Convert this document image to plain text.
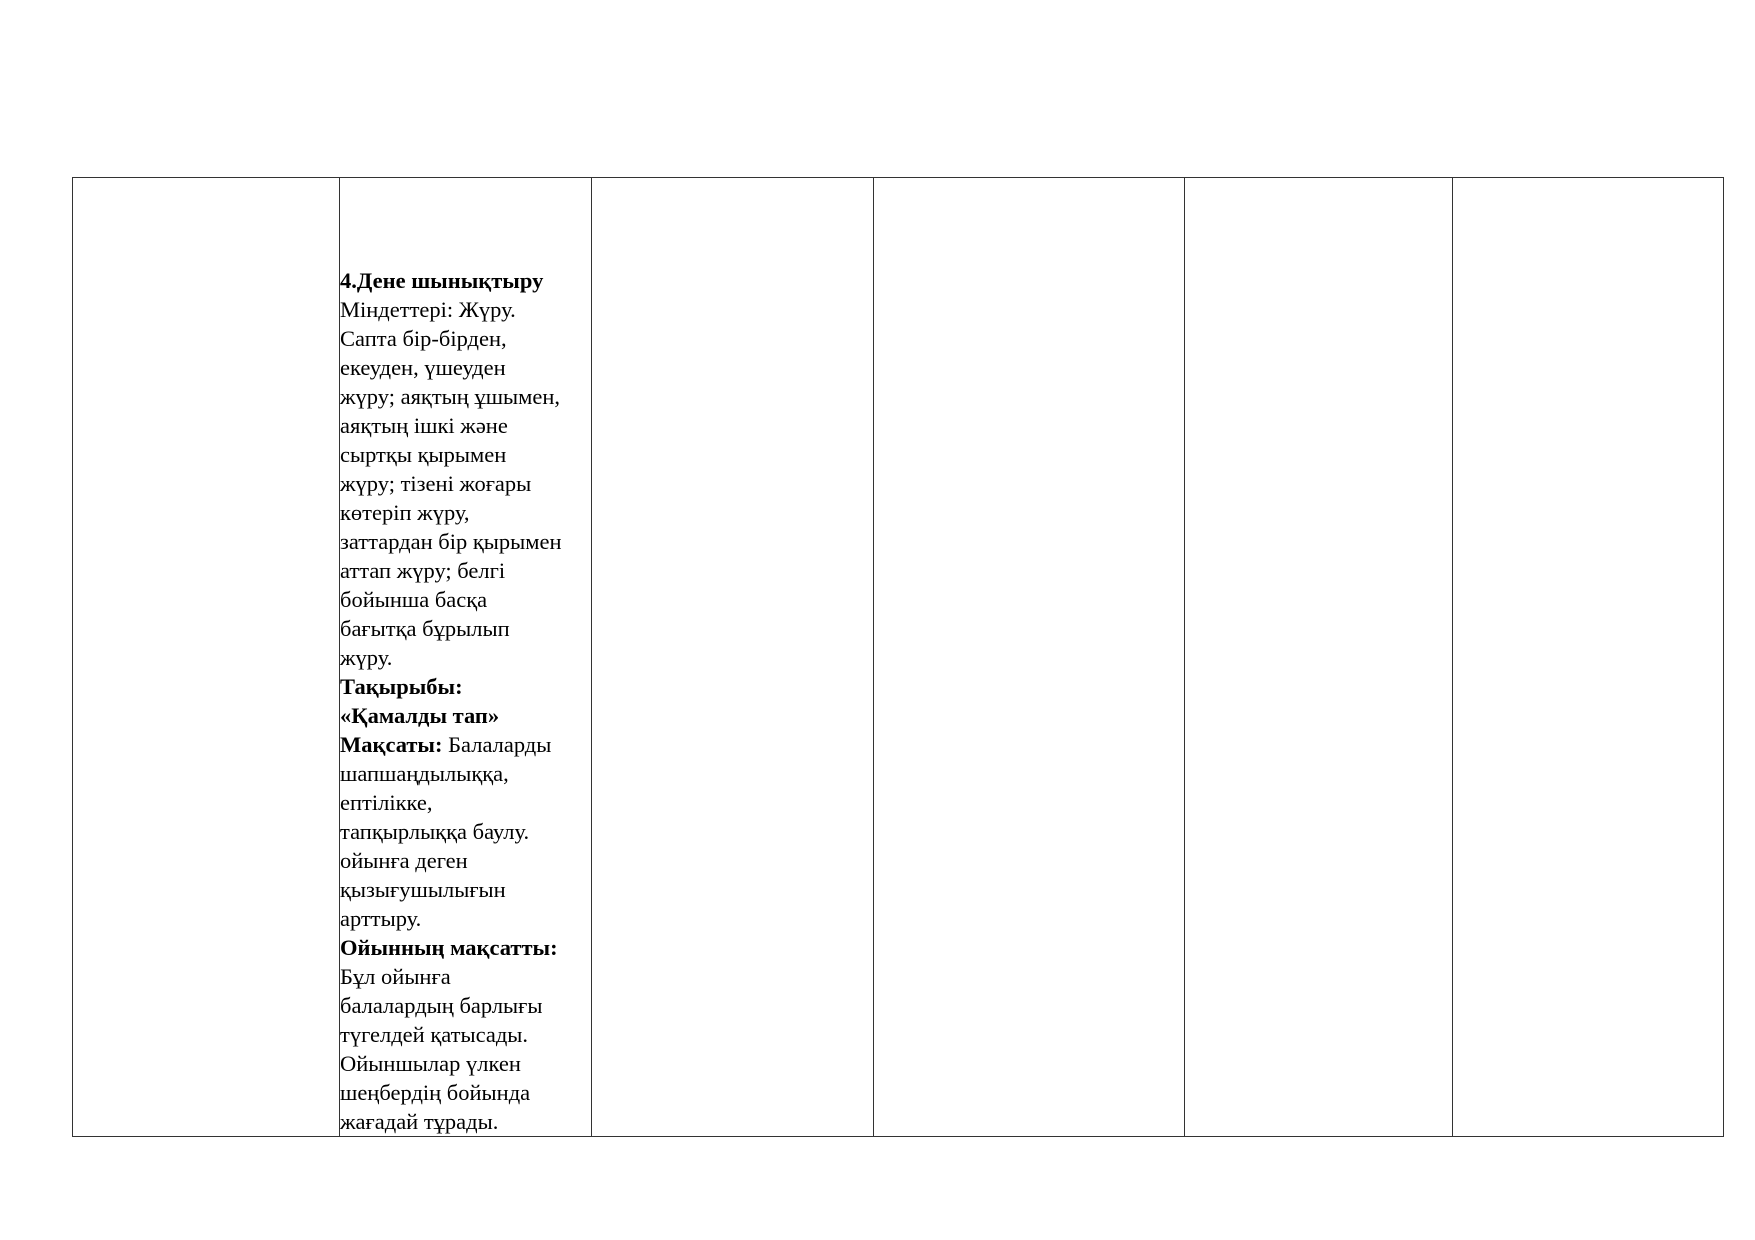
4.Дене шынықтыру
Міндеттері: Жүру.
Сапта бір-бірден,
екеуден, үшеуден
жүру; аяқтың ұшымен,
аяқтың ішкі және
сыртқы қырымен
жүру; тізені жоғары
көтеріп жүру,
заттардан бір қырымен
аттап жүру; белгі
бойынша басқа
бағытқа бұрылып
жүру.
Тақырыбы:
«Қамалды тап»
Мақсаты: Балаларды
шапшаңдылыққа,
ептілікке,
тапқырлыққа баулу.
ойынға деген
қызығушылығын
арттыру.
Ойынның мақсатты:
Бұл ойынға
балалардың барлығы
түгелдей қатысады.
Ойыншылар үлкен
шеңбердің бойында
жағадай тұрады.
